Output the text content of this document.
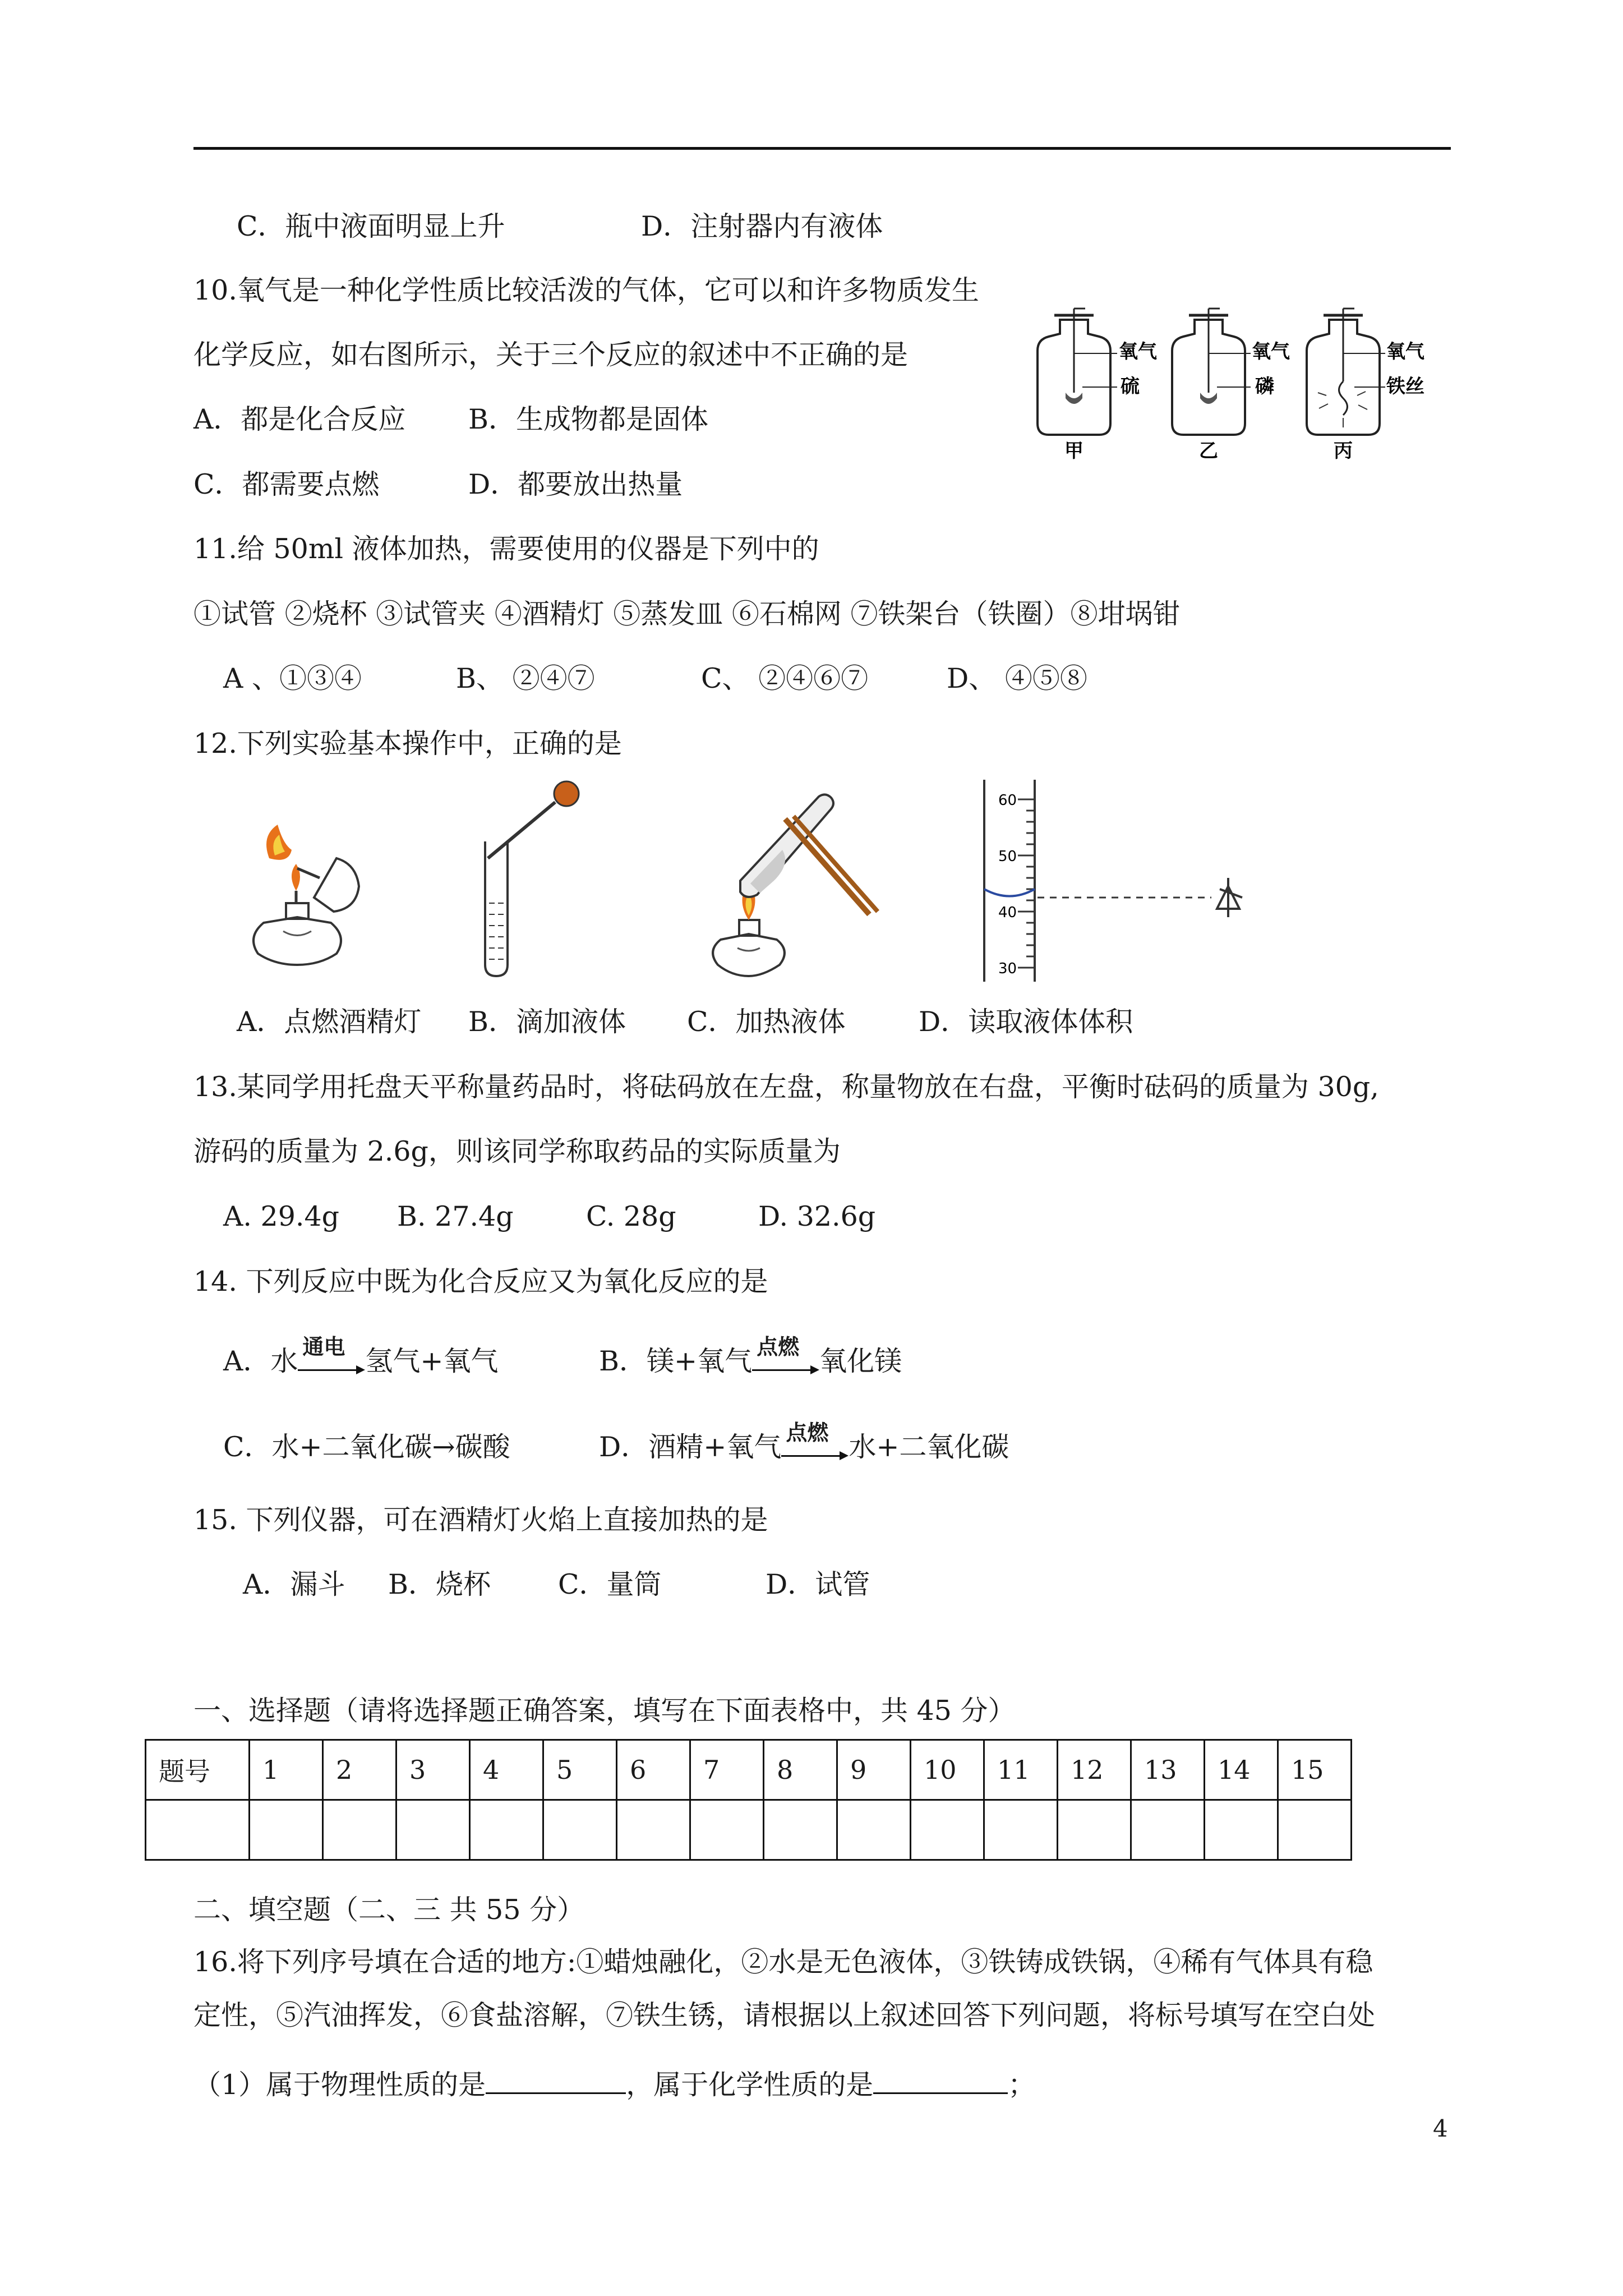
C．瓶中液面明显上升	D．注射器内有液体
10.氧气是一种化学性质比较活泼的气体，它可以和许多物质发生
化学反应，如右图所示，关于三个反应的叙述中不正确的是
A．都是化合反应 B．生成物都是固体
C．都需要点燃	D．都要放出热量
氧气
硫
甲
氧气
磷
乙
氧气
铁丝
丙
11.给 50ml 液体加热，需要使用的仪器是下列中的
①试管 ②烧杯 ③试管夹 ④酒精灯 ⑤蒸发皿 ⑥石棉网 ⑦铁架台（铁圈）⑧坩埚钳
A 、①③④	B、 ②④⑦	C、 ②④⑥⑦	D、 ④⑤⑧
12.下列实验基本操作中，正确的是
60
50
40
30
A．点燃酒精灯 B．滴加液体 C．加热液体	D．读取液体体积
13.某同学用托盘天平称量药品时，将砝码放在左盘，称量物放在右盘，平衡时砝码的质量为 30g,
游码的质量为 2.6g，则该同学称取药品的实际质量为
A. 29.4g B. 27.4g	C. 28g	D. 32.6g
14. 下列反应中既为化合反应又为氧化反应的是
A．水 通电 氢气+氧气	B．镁+氧气 点燃 氧化镁
C．水+二氧化碳→碳酸	D．酒精+氧气 点燃 水+二氧化碳
15. 下列仪器，可在酒精灯火焰上直接加热的是
A．漏斗 B．烧杯 C．量筒	D．试管
一、选择题（请将选择题正确答案，填写在下面表格中，共 45 分）
题号	1	2	3	4	5	6	7	8	9	10	11	12	13	14	15

二、填空题（二、三 共 55 分）
16.将下列序号填在合适的地方:①蜡烛融化，②水是无色液体，③铁铸成铁锅，④稀有气体具有稳
定性，⑤汽油挥发，⑥食盐溶解，⑦铁生锈，请根据以上叙述回答下列问题，将标号填写在空白处
（1）属于物理性质的是	，属于化学性质的是	；
4
